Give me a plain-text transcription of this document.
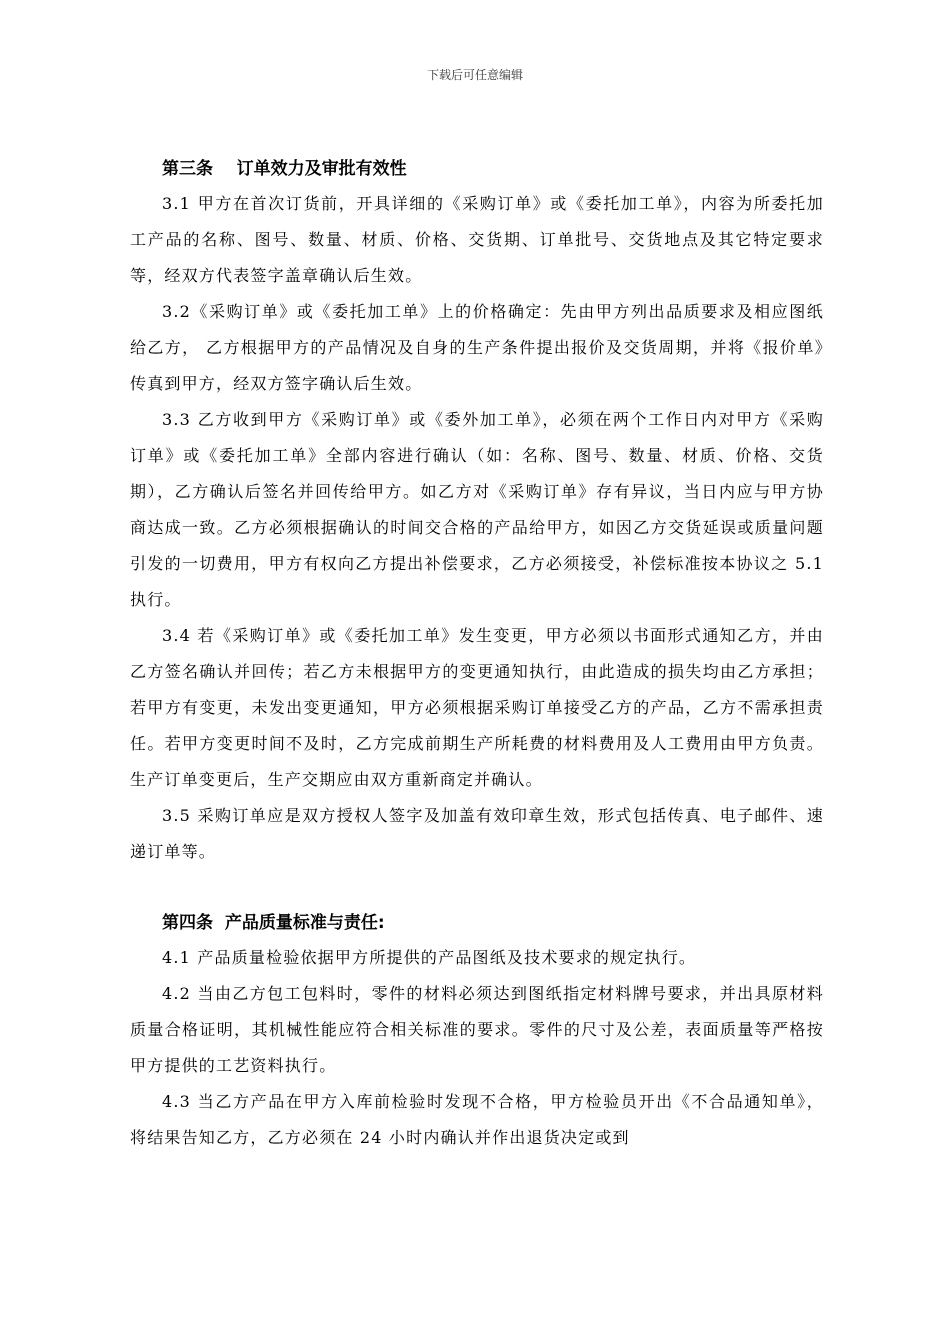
下载后可任意编辑

第三条    订单效力及审批有效性

3.1 甲方在首次订货前，开具详细的《采购订单》或《委托加工单》，内容为所委托加工产品的名称、图号、数量、材质、价格、交货期、订单批号、交货地点及其它特定要求等，经双方代表签字盖章确认后生效。

3.2《采购订单》或《委托加工单》上的价格确定：先由甲方列出品质要求及相应图纸给乙方， 乙方根据甲方的产品情况及自身的生产条件提出报价及交货周期，并将《报价单》传真到甲方，经双方签字确认后生效。

3.3 乙方收到甲方《采购订单》或《委外加工单》，必须在两个工作日内对甲方《采购订单》或《委托加工单》全部内容进行确认（如：名称、图号、数量、材质、价格、交货期），乙方确认后签名并回传给甲方。如乙方对《采购订单》存有异议，当日内应与甲方协商达成一致。乙方必须根据确认的时间交合格的产品给甲方，如因乙方交货延误或质量问题引发的一切费用，甲方有权向乙方提出补偿要求，乙方必须接受，补偿标准按本协议之 5.1 执行。

3.4 若《采购订单》或《委托加工单》发生变更，甲方必须以书面形式通知乙方，并由乙方签名确认并回传；若乙方未根据甲方的变更通知执行，由此造成的损失均由乙方承担；若甲方有变更，未发出变更通知，甲方必须根据采购订单接受乙方的产品，乙方不需承担责任。若甲方变更时间不及时，乙方完成前期生产所耗费的材料费用及人工费用由甲方负责。生产订单变更后，生产交期应由双方重新商定并确认。

3.5 采购订单应是双方授权人签字及加盖有效印章生效，形式包括传真、电子邮件、速递订单等。

第四条  产品质量标准与责任:

4.1 产品质量检验依据甲方所提供的产品图纸及技术要求的规定执行。

4.2 当由乙方包工包料时，零件的材料必须达到图纸指定材料牌号要求，并出具原材料质量合格证明，其机械性能应符合相关标准的要求。零件的尺寸及公差，表面质量等严格按甲方提供的工艺资料执行。

4.3 当乙方产品在甲方入库前检验时发现不合格，甲方检验员开出《不合品通知单》，将结果告知乙方，乙方必须在 24 小时内确认并作出退货决定或到
